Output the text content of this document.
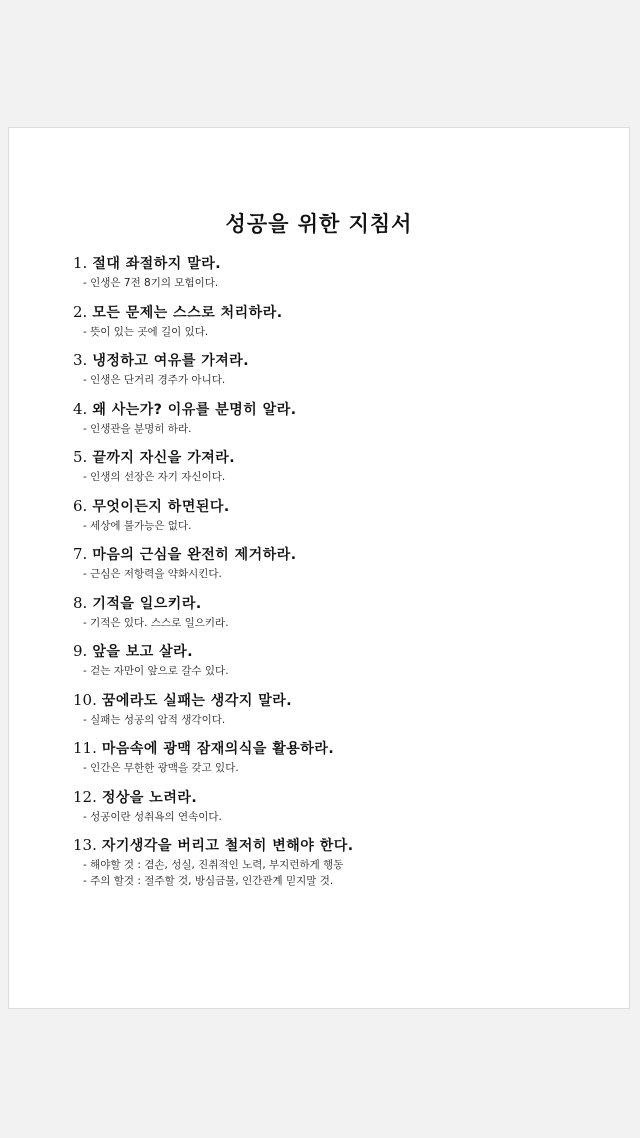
성공을 위한 지침서
1. 절대 좌절하지 말라.
- 인생은 7전 8기의 모험이다.
2. 모든 문제는 스스로 처리하라.
- 뜻이 있는 곳에 길이 있다.
3. 냉정하고 여유를 가져라.
- 인생은 단거리 경주가 아니다.
4. 왜 사는가? 이유를 분명히 알라.
- 인생관을 분명히 하라.
5. 끝까지 자신을 가져라.
- 인생의 선장은 자기 자신이다.
6. 무엇이든지 하면된다.
- 세상에 불가능은 없다.
7. 마음의 근심을 완전히 제거하라.
- 근심은 저항력을 약화시킨다.
8. 기적을 일으키라.
- 기적은 있다. 스스로 일으키라.
9. 앞을 보고 살라.
- 걷는 자만이 앞으로 갈수 있다.
10. 꿈에라도 실패는 생각지 말라.
- 실패는 성공의 암적 생각이다.
11. 마음속에 광맥 잠재의식을 활용하라.
- 인간은 무한한 광맥을 갖고 있다.
12. 정상을 노려라.
- 성공이란 성취욕의 연속이다.
13. 자기생각을 버리고 철저히 변해야 한다.
- 해야할 것 : 겸손, 성실, 진취적인 노력, 부지런하게 행동
- 주의 할것 : 절주할 것, 방심금물, 인간관계 믿지말 것.
